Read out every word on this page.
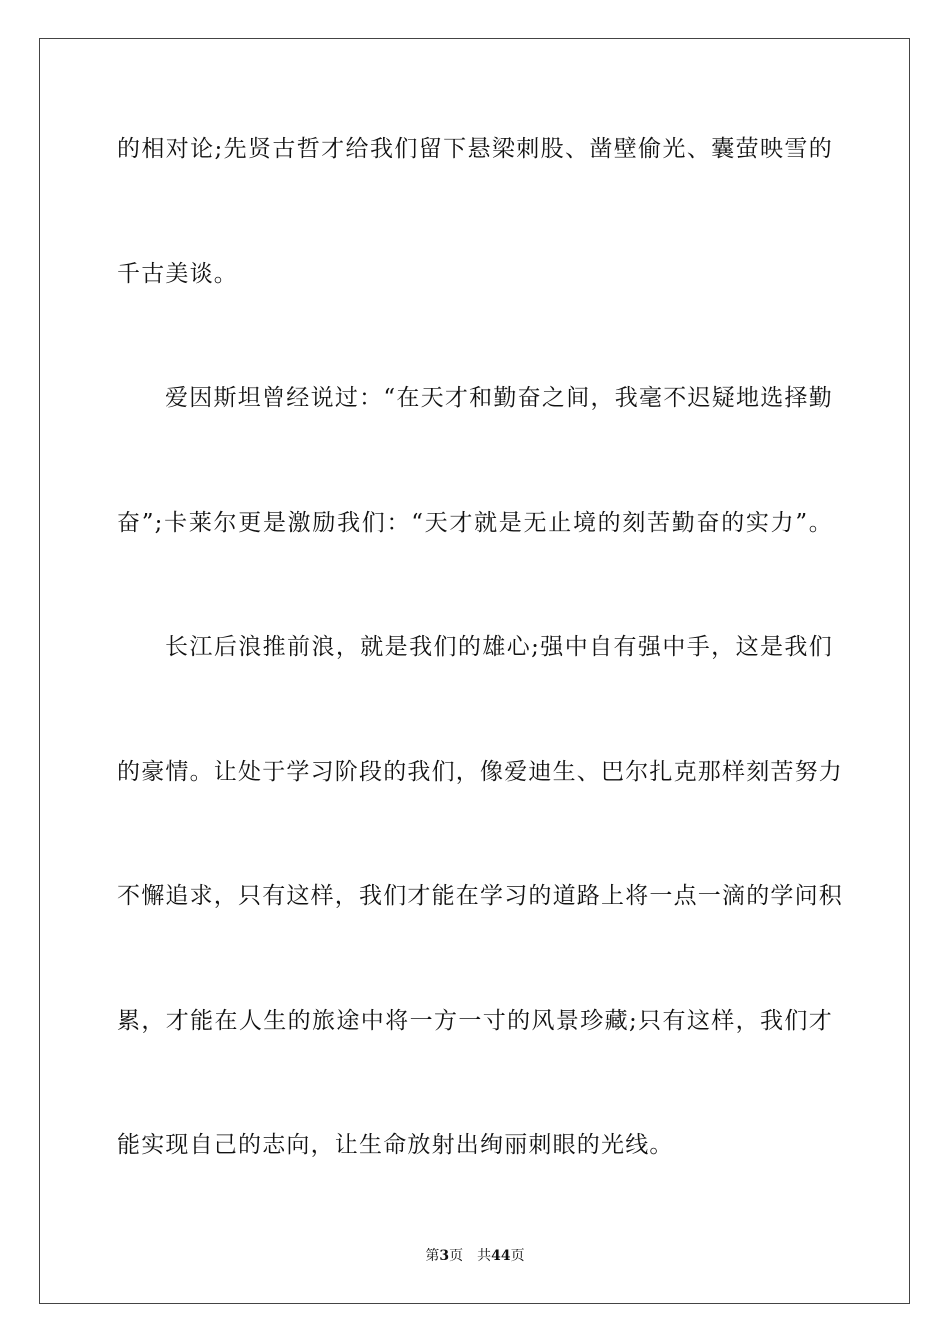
的相对论;先贤古哲才给我们留下悬梁刺股、凿壁偷光、囊萤映雪的
千古美谈。
爱因斯坦曾经说过：“在天才和勤奋之间，我毫不迟疑地选择勤
奋”;卡莱尔更是激励我们：“天才就是无止境的刻苦勤奋的实力”。
长江后浪推前浪，就是我们的雄心;强中自有强中手，这是我们
的豪情。让处于学习阶段的我们，像爱迪生、巴尔扎克那样刻苦努力
不懈追求，只有这样，我们才能在学习的道路上将一点一滴的学问积
累，才能在人生的旅途中将一方一寸的风景珍藏;只有这样，我们才
能实现自己的志向，让生命放射出绚丽刺眼的光线。
第3页 共44页
